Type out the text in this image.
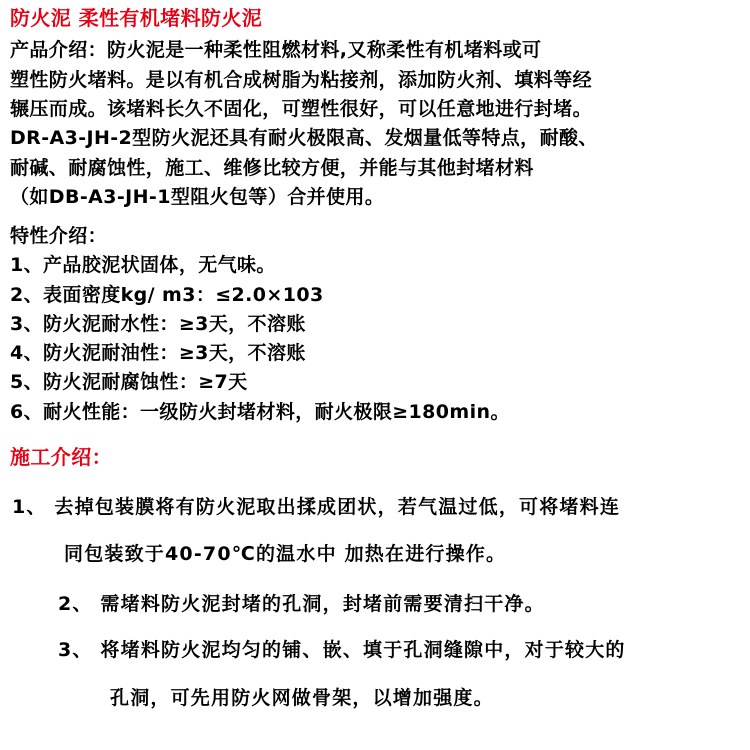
防火泥 柔性有机堵料防火泥
产品介绍：防火泥是一种柔性阻燃材料,又称柔性有机堵料或可
塑性防火堵料。是以有机合成树脂为粘接剂，添加防火剂、填料等经
辗压而成。该堵料长久不固化，可塑性很好，可以任意地进行封堵。
DR-A3-JH-2型防火泥还具有耐火极限高、发烟量低等特点，耐酸、
耐碱、耐腐蚀性，施工、维修比较方便，并能与其他封堵材料
（如DB-A3-JH-1型阻火包等）合并使用。
特性介绍：
1、产品胶泥状固体，无气味。
2、表面密度kg/ m3：≤2.0×103
3、防火泥耐水性：≥3天，不溶账
4、防火泥耐油性：≥3天，不溶账
5、防火泥耐腐蚀性：≥7天
6、耐火性能：一级防火封堵材料，耐火极限≥180min。
施工介绍：
1、 去掉包装膜将有防火泥取出揉成团状，若气温过低，可将堵料连
同包装致于40-70℃的温水中 加热在进行操作。
2、 需堵料防火泥封堵的孔洞，封堵前需要清扫干净。
3、 将堵料防火泥均匀的铺、嵌、填于孔洞缝隙中，对于较大的
孔洞，可先用防火网做骨架，以增加强度。
